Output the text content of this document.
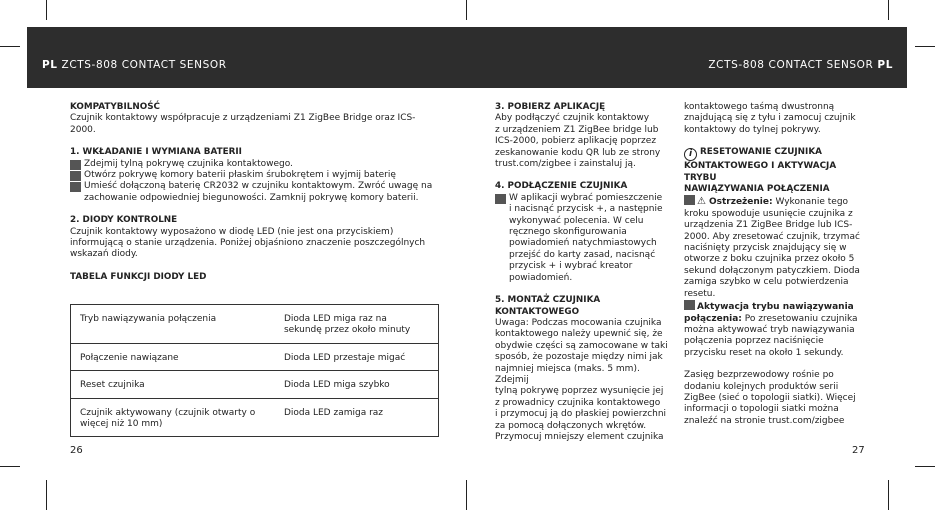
PL ZCTS-808 CONTACT SENSOR	ZCTS-808 CONTACT SENSOR PL

KOMPATYBILNOŚĆ

Czujnik kontaktowy współpracuje z urządzeniami Z1 ZigBee Bridge oraz ICS-

2000.

1. WKŁADANIE I WYMIANA BATERII

Zdejmij tylną pokrywę czujnika kontaktowego.
Otwórz pokrywę komory baterii płaskim śrubokrętem i wyjmij baterię
Umieść dołączoną baterię CR2032 w czujniku kontaktowym. Zwróć uwagę na
zachowanie odpowiedniej biegunowości. Zamknij pokrywę komory baterii.

2. DIODY KONTROLNE

Czujnik kontaktowy wyposażono w diodę LED (nie jest ona przyciskiem)

informującą o stanie urządzenia. Poniżej objaśniono znaczenie poszczególnych

wskazań diody.

TABELA FUNKCJI DIODY LED

Tryb nawiązywania połączenia	Dioda LED miga raz na
sekundę przez około minuty
Połączenie nawiązane	Dioda LED przestaje migać
Reset czujnika	Dioda LED miga szybko
Czujnik aktywowany (czujnik otwarty o
więcej niż 10 mm)	Dioda LED zamiga raz
26

3. POBIERZ APLIKACJĘ

Aby podłączyć czujnik kontaktowy

z urządzeniem Z1 ZigBee bridge lub

ICS-2000, pobierz aplikację poprzez

zeskanowanie kodu QR lub ze strony

trust.com/zigbee i zainstaluj ją.

4. PODŁĄCZENIE CZUJNIKA

W aplikacji wybrać pomieszczenie
i nacisnąć przycisk +, a następnie
wykonywać polecenia. W celu
ręcznego skonfigurowania
powiadomień natychmiastowych
przejść do karty zasad, nacisnąć
przycisk + i wybrać kreator
powiadomień.

5. MONTAŻ CZUJNIKA KONTAKTOWEGO

Uwaga: Podczas mocowania czujnika

kontaktowego należy upewnić się, że

obydwie części są zamocowane w taki

sposób, że pozostaje między nimi jak

najmniej miejsca (maks. 5 mm). Zdejmij

tylną pokrywę poprzez wysunięcie jej

z prowadnicy czujnika kontaktowego

i przymocuj ją do płaskiej powierzchni

za pomocą dołączonych wkrętów.

Przymocuj mniejszy element czujnika

kontaktowego taśmą dwustronną

znajdującą się z tyłu i zamocuj czujnik

kontaktowy do tylnej pokrywy.

i RESETOWANIE CZUJNIKA

KONTAKTOWEGO I AKTYWACJA TRYBU

NAWIĄZYWANIA POŁĄCZENIA

⚠ Ostrzeżenie: Wykonanie tego

kroku spowoduje usunięcie czujnika z

urządzenia Z1 ZigBee Bridge lub ICS-

2000. Aby zresetować czujnik, trzymać

naciśnięty przycisk znajdujący się w

otworze z boku czujnika przez około 5

sekund dołączonym patyczkiem. Dioda

zamiga szybko w celu potwierdzenia

resetu.

Aktywacja trybu nawiązywania

połączenia: Po zresetowaniu czujnika

można aktywować tryb nawiązywania

połączenia poprzez naciśnięcie

przycisku reset na około 1 sekundy.

Zasięg bezprzewodowy rośnie po

dodaniu kolejnych produktów serii

ZigBee (sieć o topologii siatki). Więcej

informacji o topologii siatki można

znaleźć na stronie trust.com/zigbee

27
